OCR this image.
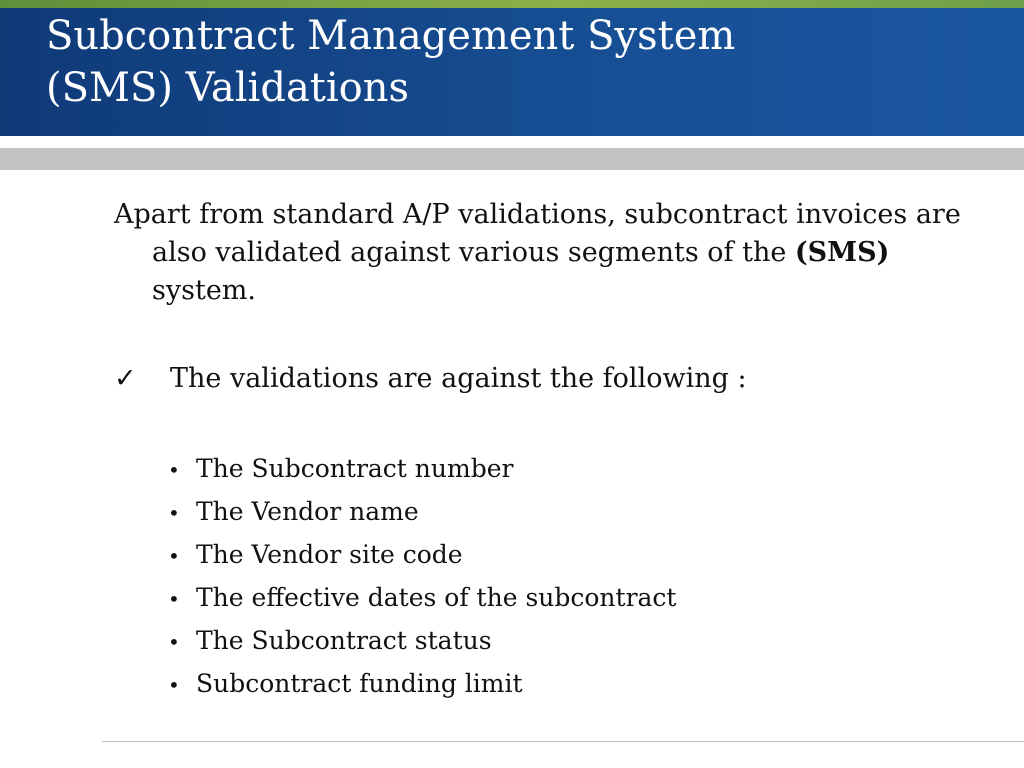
Subcontract Management System
(SMS) Validations

Apart from standard A/P validations, subcontract invoices are also validated against various segments of the (SMS) system.

✓ The validations are against the following :
• The Subcontract number
• The Vendor name
• The Vendor site code
• The effective dates of the subcontract
• The Subcontract status
• Subcontract funding limit
